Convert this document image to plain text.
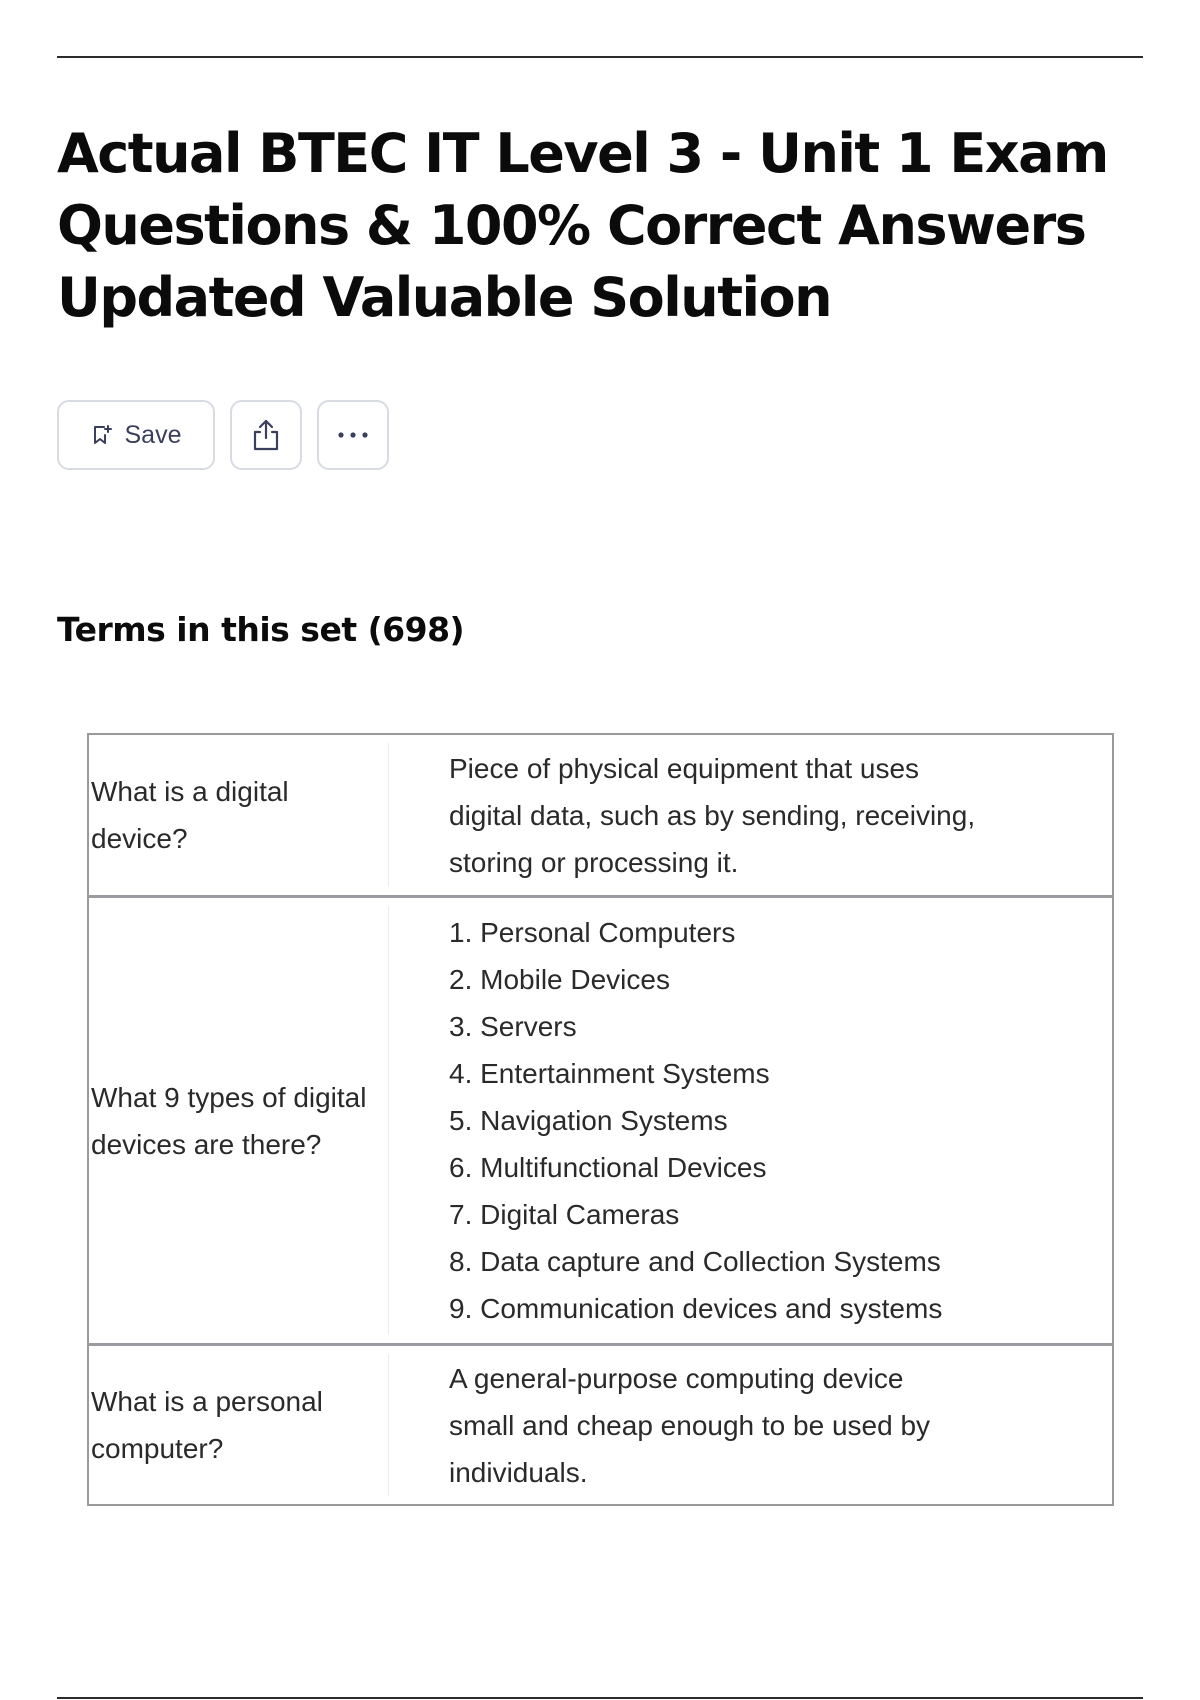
Actual BTEC IT Level 3 - Unit 1 Exam Questions & 100% Correct Answers Updated Valuable Solution
Save
Terms in this set (698)
What is a digital device?
Piece of physical equipment that uses
digital data, such as by sending, receiving,
storing or processing it.
What 9 types of digital devices are there?
1. Personal Computers
2. Mobile Devices
3. Servers
4. Entertainment Systems
5. Navigation Systems
6. Multifunctional Devices
7. Digital Cameras
8. Data capture and Collection Systems
9. Communication devices and systems
What is a personal computer?
A general-purpose computing device
small and cheap enough to be used by
individuals.
